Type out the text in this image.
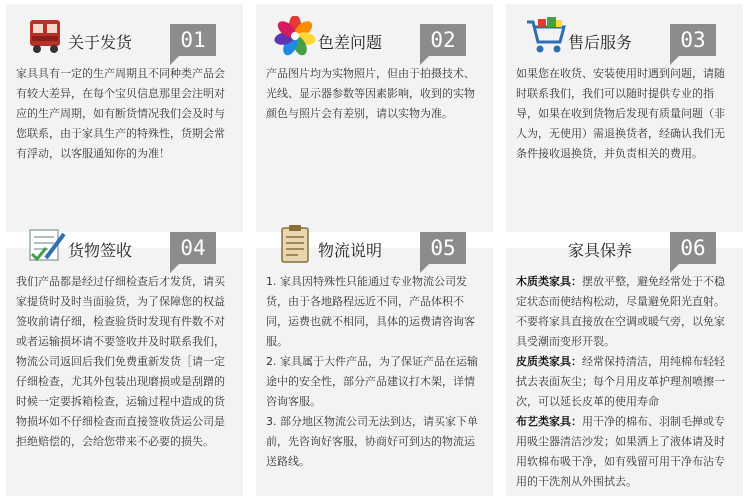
关于发货	01

家具具有一定的生产周期且不同种类产品会有较大差异，在每个宝贝信息那里会注明对应的生产周期，如有断货情况我们会及时与您联系，由于家具生产的特殊性，货期会常有浮动，以客服通知你的为准！

色差问题	02

产品图片均为实物照片，但由于拍摄技术、光线、显示器参数等因素影响，收到的实物颜色与照片会有差别，请以实物为准。

售后服务	03

如果您在收货、安装使用时遇到问题，请随时联系我们，我们可以随时提供专业的指导，如果在收到货物后发现有质量问题（非人为，无使用）需退换货者，经确认我们无条件接收退换货，并负责相关的费用。

货物签收	04

我们产品都是经过仔细检查后才发货，请买家提货时及时当面验货，为了保障您的权益签收前请仔细，检查验货时发现有件数不对或者运输损坏请不要签收并及时联系我们，物流公司返回后我们免费重新发货［请一定仔细检查，尤其外包装出现磨损或是刮蹭的时候一定要拆箱检查，运输过程中造成的货物损坏如不仔细检查而直接签收货运公司是拒绝赔偿的，会给您带来不必要的损失。

物流说明	05

1. 家具因特殊性只能通过专业物流公司发货，由于各地路程远近不同，产品体积不同，运费也就不相同，具体的运费请咨询客服。

2. 家具属于大件产品，为了保证产品在运输途中的安全性，部分产品建议打木架，详情咨询客服。

3. 部分地区物流公司无法到达，请买家下单前，先咨询好客服，协商好可到达的物流运送路线。

家具保养	06

木质类家具：摆放平整，避免经常处于不稳定状态而使结构松动，尽量避免阳光直射。不要将家具直接放在空调或暖气旁，以免家具受潮而变形开裂。

皮质类家具：经常保持清洁，用纯棉布轻轻拭去表面灰尘；每个月用皮革护理剂喷擦一次，可以延长皮革的使用寿命

布艺类家具：用干净的棉布、羽制毛掸或专用吸尘器清洁沙发；如果洒上了液体请及时用软棉布吸干净，如有残留可用干净布沾专用的干洗剂从外围拭去。
